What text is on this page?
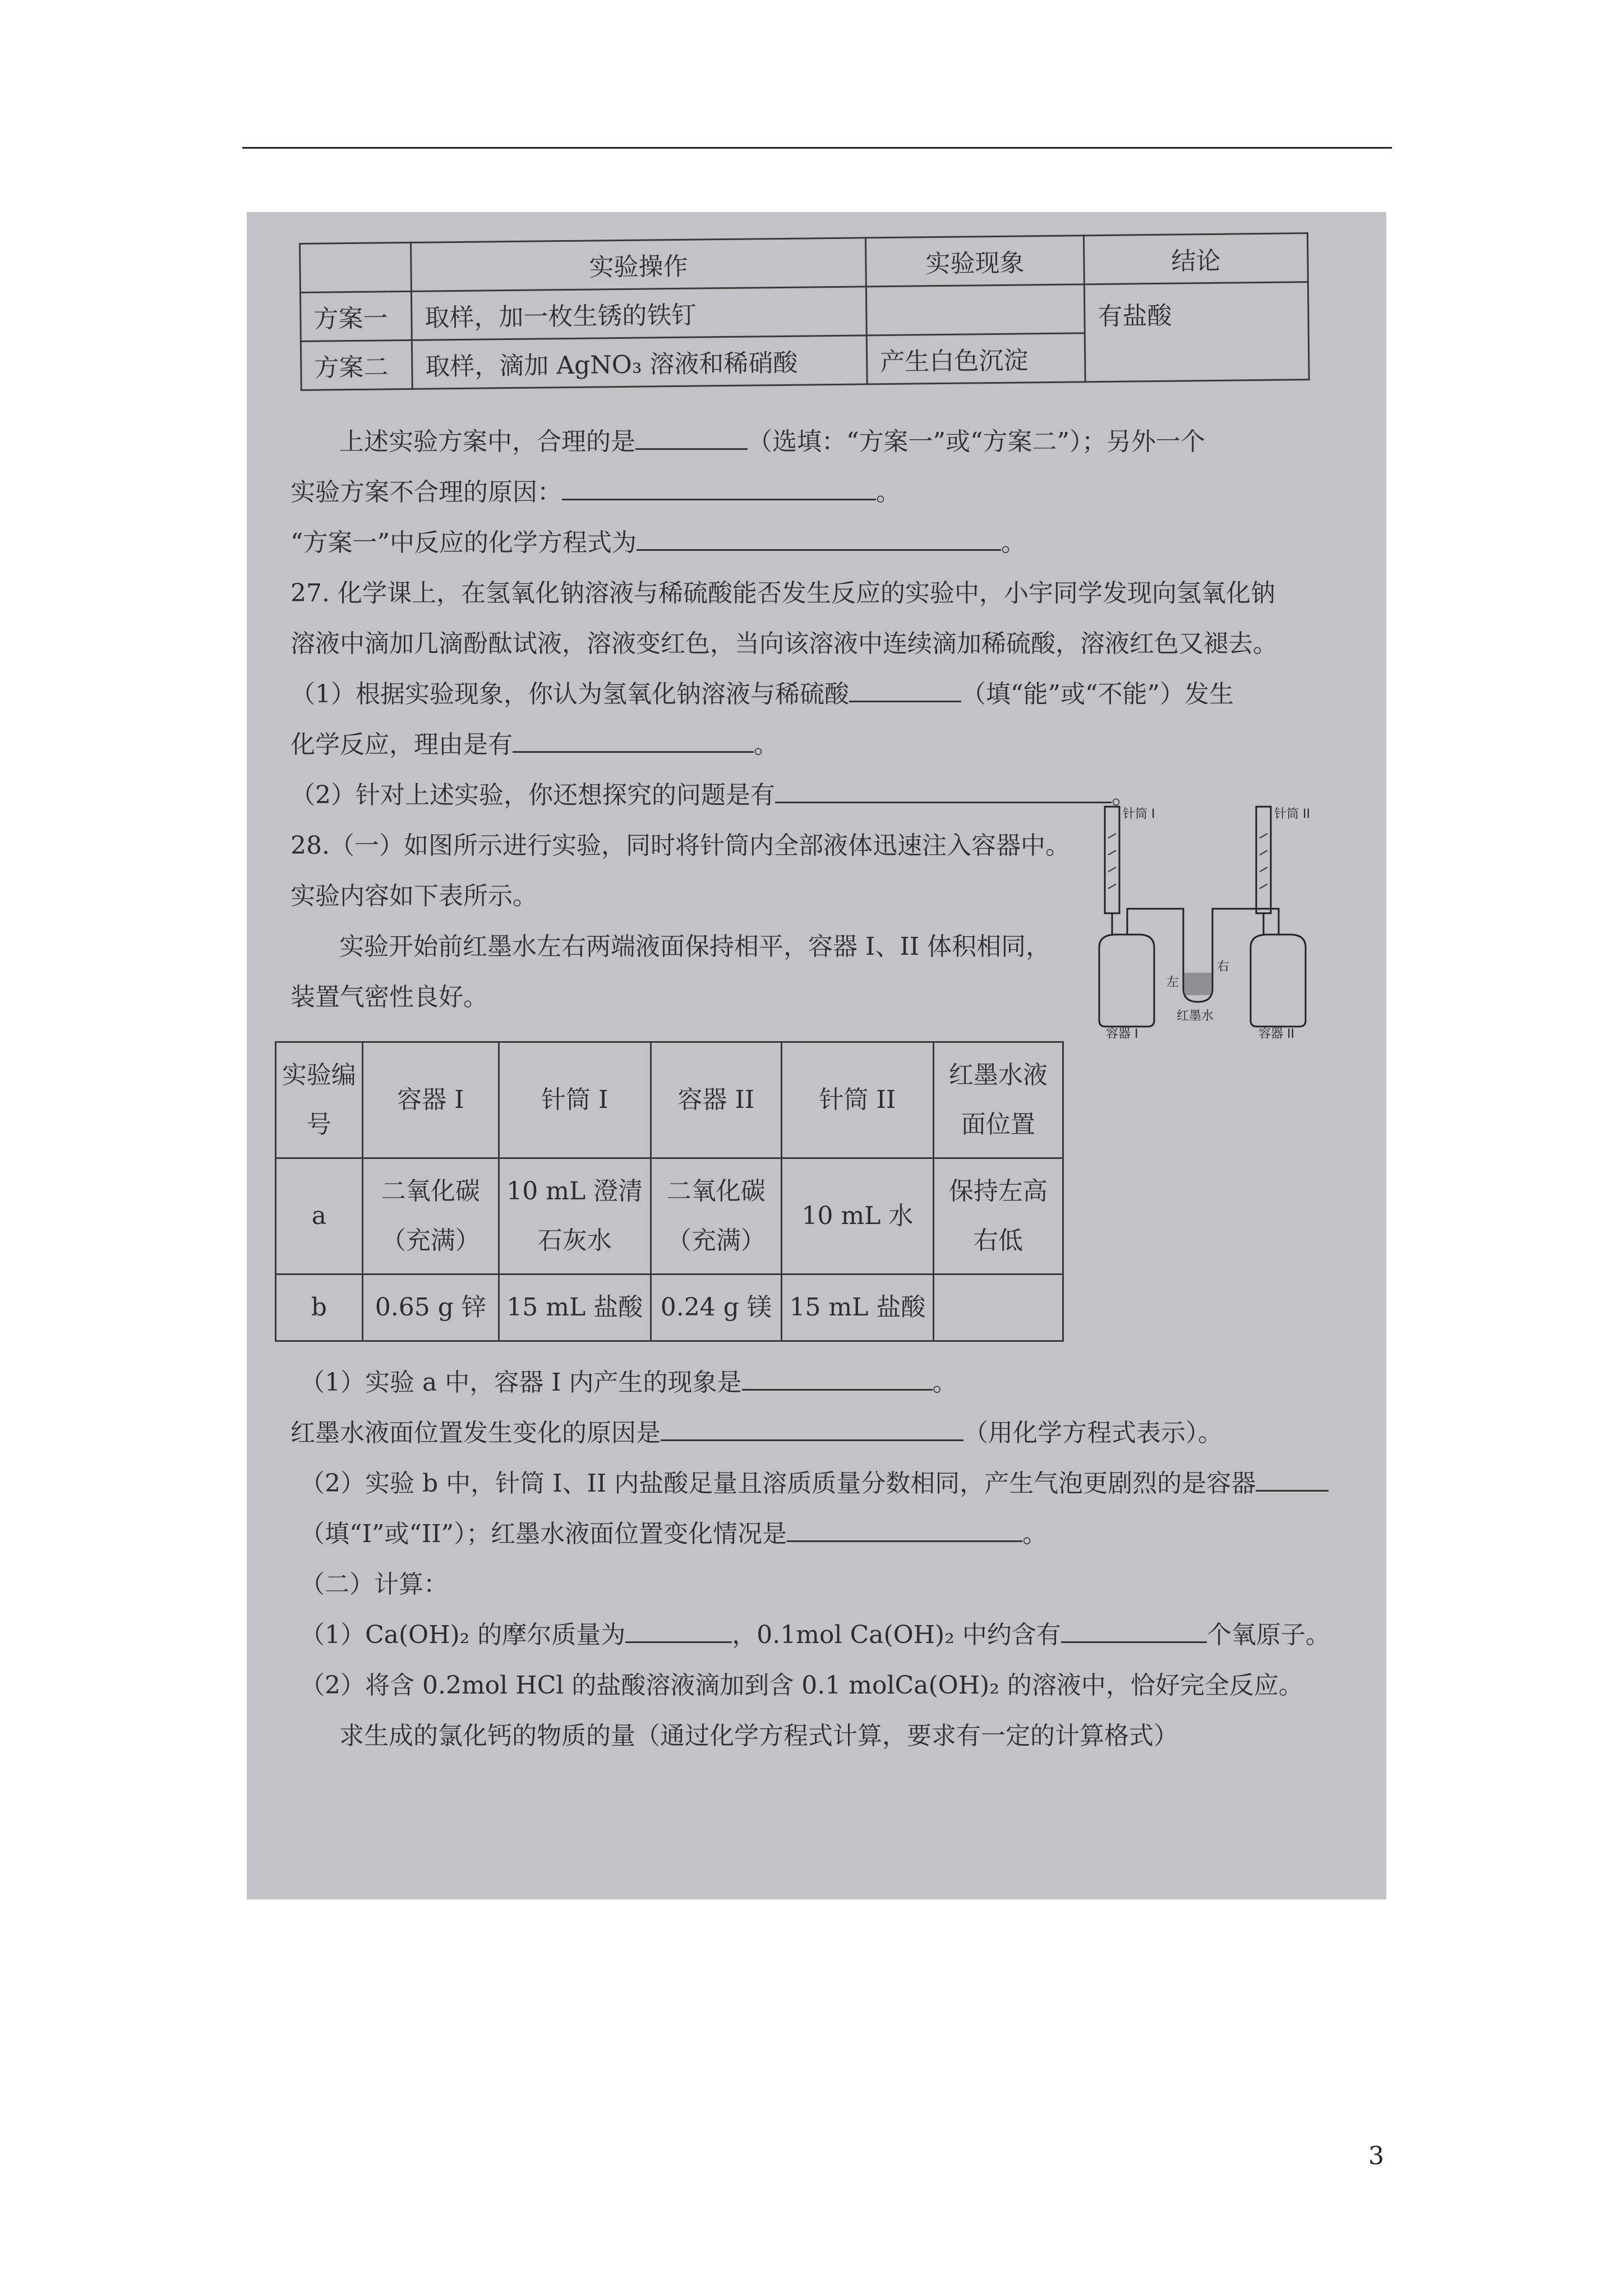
	实验操作	实验现象	结论
方案一	取样，加一枚生锈的铁钉		有盐酸
方案二	取样，滴加 AgNO₃ 溶液和稀硝酸	产生白色沉淀	
上述实验方案中，合理的是	（选填：“方案一”或“方案二”）；另外一个
实验方案不合理的原因：	。
“方案一”中反应的化学方程式为	。
27. 化学课上，在氢氧化钠溶液与稀硫酸能否发生反应的实验中，小宇同学发现向氢氧化钠
溶液中滴加几滴酚酞试液，溶液变红色，当向该溶液中连续滴加稀硫酸，溶液红色又褪去。
（1）根据实验现象，你认为氢氧化钠溶液与稀硫酸	（填“能”或“不能”）发生
化学反应，理由是有	。
（2）针对上述实验，你还想探究的问题是有	。
28.（一）如图所示进行实验，同时将针筒内全部液体迅速注入容器中。
实验内容如下表所示。
实验开始前红墨水左右两端液面保持相平，容器 I、II 体积相同，
装置气密性良好。
针筒 I	针筒 II
左
右
红墨水
容器 I	容器 II
实验编号	容器 I	针筒 I	容器 II	针筒 II	红墨水液面位置
a	二氧化碳（充满）	10 mL 澄清石灰水	二氧化碳（充满）	10 mL 水	保持左高右低
b	0.65 g 锌	15 mL 盐酸	0.24 g 镁	15 mL 盐酸	
（1）实验 a 中，容器 I 内产生的现象是	。
红墨水液面位置发生变化的原因是	（用化学方程式表示）。
（2）实验 b 中，针筒 I、II 内盐酸足量且溶质质量分数相同，产生气泡更剧烈的是容器
（填“I”或“II”）；红墨水液面位置变化情况是	。
（二）计算：
（1）Ca(OH)₂ 的摩尔质量为	，0.1mol Ca(OH)₂ 中约含有	个氧原子。
（2）将含 0.2mol HCl 的盐酸溶液滴加到含 0.1 molCa(OH)₂ 的溶液中，恰好完全反应。
求生成的氯化钙的物质的量（通过化学方程式计算，要求有一定的计算格式）
3
